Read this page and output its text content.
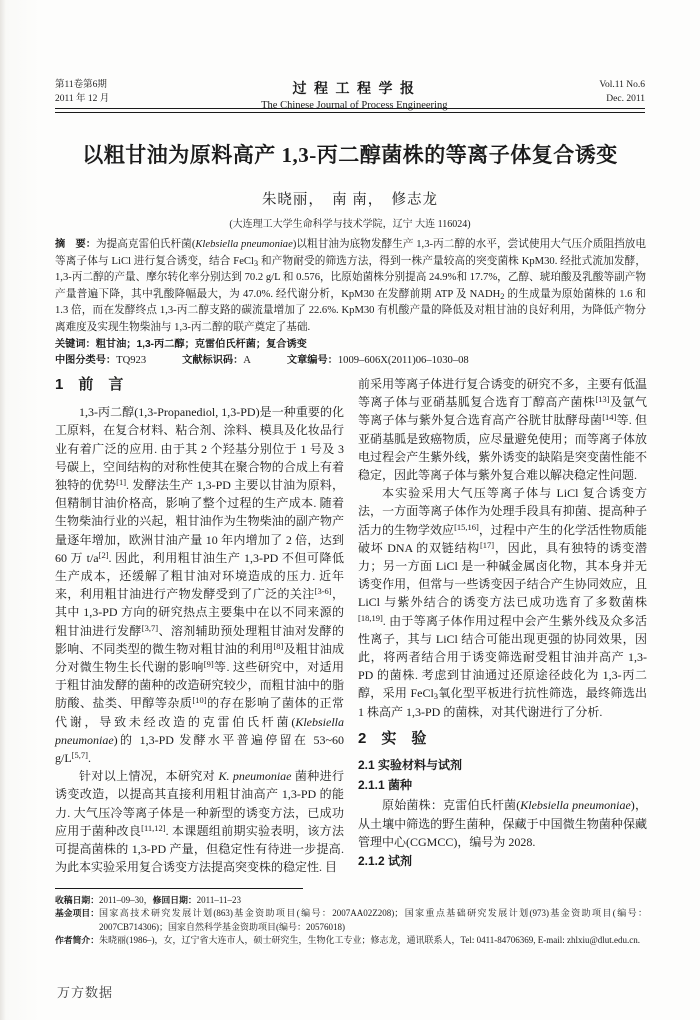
第11卷第6期
2011 年 12 月
过 程 工 程 学 报
The Chinese Journal of Process Engineering
Vol.11 No.6
Dec. 2011
以粗甘油为原料高产 1,3-丙二醇菌株的等离子体复合诱变
朱晓丽，　南 南，　修志龙
(大连理工大学生命科学与技术学院，辽宁 大连 116024)

摘　要：为提高克雷伯氏杆菌(Klebsiella pneumoniae)以粗甘油为底物发酵生产 1,3-丙二醇的水平，尝试使用大气压介质阻挡放电等离子体与 LiCl 进行复合诱变，结合 FeCl$_3$ 和产物耐受的筛选方法，得到一株产量较高的突变菌株 KpM30. 经批式流加发酵，1,3-丙二醇的产量、摩尔转化率分别达到 70.2 g/L 和 0.576，比原始菌株分别提高 24.9%和 17.7%，乙醇、琥珀酸及乳酸等副产物产量普遍下降，其中乳酸降幅最大，为 47.0%. 经代谢分析，KpM30 在发酵前期 ATP 及 $NADH_2$ 的生成量为原始菌株的 1.6 和 1.3 倍，而在发酵终点 1,3-丙二醇支路的碳流量增加了 22.6%. KpM30 有机酸产量的降低及对粗甘油的良好利用，为降低产物分离难度及实现生物柴油与 1,3-丙二醇的联产奠定了基础.

关键词：粗甘油；1,3-丙二醇；克雷伯氏杆菌；复合诱变

中图分类号：TQ923	文献标识码：A	文章编号：1009–606X(2011)06–1030–08

1　前　言

1,3-丙二醇(1,3-Propanediol, 1,3-PD)是一种重要的化工原料，在复合材料、粘合剂、涂料、模具及化妆品行业有着广泛的应用. 由于其 2 个羟基分别位于 1 号及 3 号碳上，空间结构的对称性使其在聚合物的合成上有着独特的优势[1]. 发酵法生产 1,3-PD 主要以甘油为原料，但精制甘油价格高，影响了整个过程的生产成本. 随着生物柴油行业的兴起，粗甘油作为生物柴油的副产物产量逐年增加，欧洲甘油产量 10 年内增加了 2 倍，达到 60 万 t/a[2]. 因此，利用粗甘油生产 1,3-PD 不但可降低生产成本，还缓解了粗甘油对环境造成的压力. 近年来，利用粗甘油进行产物发酵受到了广泛的关注[3-6]，其中 1,3-PD 方向的研究热点主要集中在以不同来源的粗甘油进行发酵[3,7]、溶剂辅助预处理粗甘油对发酵的影响、不同类型的微生物对粗甘油的利用[8]及粗甘油成分对微生物生长代谢的影响[9]等. 这些研究中，对适用于粗甘油发酵的菌种的改造研究较少，而粗甘油中的脂肪酸、盐类、甲醇等杂质[10]的存在影响了菌体的正常代谢，导致未经改造的克雷伯氏杆菌(Klebsiella pneumoniae)的 1,3-PD 发酵水平普遍停留在 53~60 g/L[5,7].

针对以上情况，本研究对 K. pneumoniae 菌种进行诱变改造，以提高其直接利用粗甘油高产 1,3-PD 的能力. 大气压冷等离子体是一种新型的诱变方法，已成功应用于菌种改良[11,12]. 本课题组前期实验表明，该方法可提高菌株的 1,3-PD 产量，但稳定性有待进一步提高. 为此本实验采用复合诱变方法提高突变株的稳定性. 目

前采用等离子体进行复合诱变的研究不多，主要有低温等离子体与亚硝基胍复合选育丁醇高产菌株[13]及氩气等离子体与紫外复合选育高产谷胱甘肽酵母菌[14]等. 但亚硝基胍是致癌物质，应尽量避免使用；而等离子体放电过程会产生紫外线，紫外诱变的缺陷是突变菌性能不稳定，因此等离子体与紫外复合难以解决稳定性问题.

本实验采用大气压等离子体与 LiCl 复合诱变方法，一方面等离子体作为处理手段具有抑菌、提高种子活力的生物学效应[15,16]，过程中产生的化学活性物质能破坏 DNA 的双链结构[17]，因此，具有独特的诱变潜力；另一方面 LiCl 是一种碱金属卤化物，其本身并无诱变作用，但常与一些诱变因子结合产生协同效应，且 LiCl 与紫外结合的诱变方法已成功选育了多数菌株[18,19]. 由于等离子体作用过程中会产生紫外线及众多活性离子，其与 LiCl 结合可能出现更强的协同效果，因此，将两者结合用于诱变筛选耐受粗甘油并高产 1,3-PD 的菌株. 考虑到甘油通过还原途径歧化为 1,3-丙二醇，采用 FeCl$_3$氧化型平板进行抗性筛选，最终筛选出 1 株高产 1,3-PD 的菌株，对其代谢进行了分析.

2　实　验
2.1 实验材料与试剂
2.1.1 菌种

原始菌株：克雷伯氏杆菌(Klebsiella pneumoniae)，从土壤中筛选的野生菌种，保藏于中国微生物菌种保藏管理中心(CGMCC)，编号为 2028.

2.1.2 试剂
收稿日期：2011–09–30，修回日期：2011–11–23
基金项目： 国家高技术研究发展计划(863)基金资助项目(编号：2007AA02Z208)；国家重点基础研究发展计划(973)基金资助项目(编号：2007CB714306)；国家自然科学基金资助项目(编号：20576018)
作者简介： 朱晓丽(1986–)，女，辽宁省大连市人，硕士研究生，生物化工专业；修志龙，通讯联系人，Tel: 0411-84706369, E-mail: zhlxiu@dlut.edu.cn.
万方数据
